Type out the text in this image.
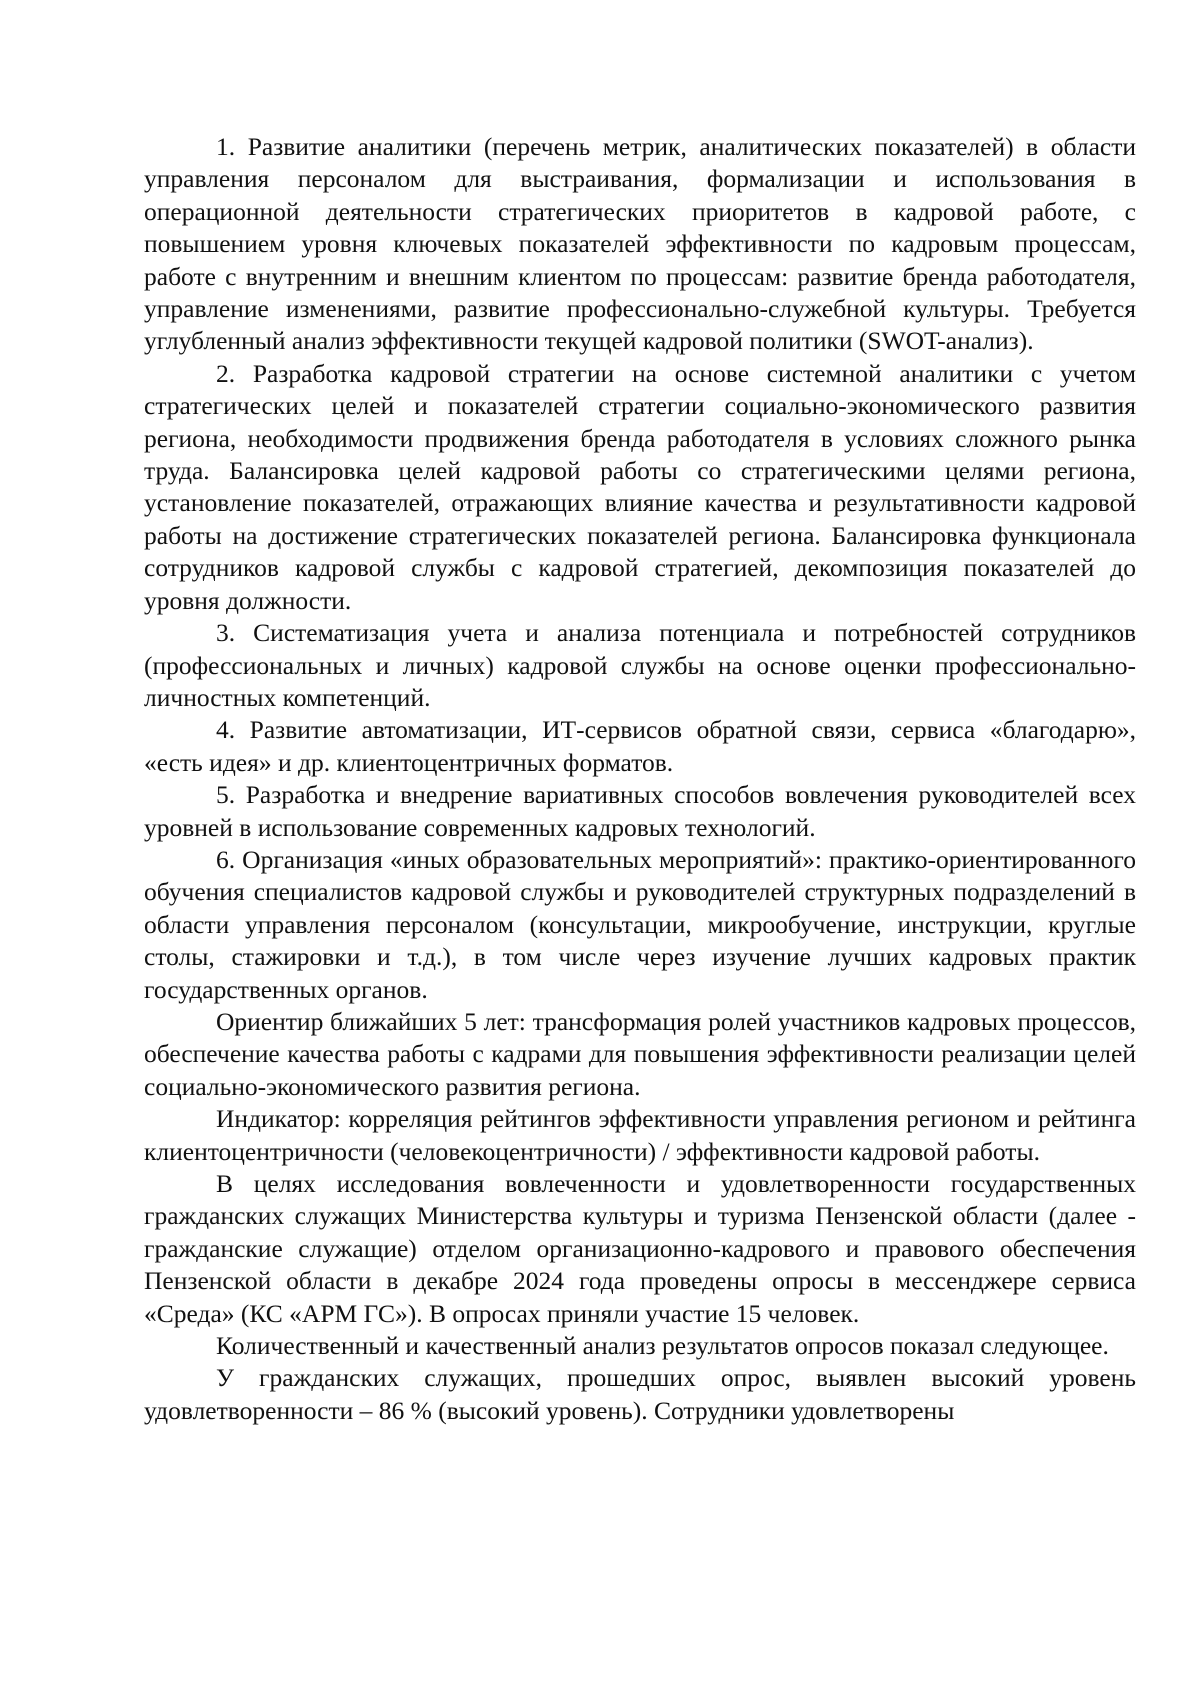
1. Развитие аналитики (перечень метрик, аналитических показателей) в области управления персоналом для выстраивания, формализации и использования в операционной деятельности стратегических приоритетов в кадровой работе, с повышением уровня ключевых показателей эффективности по кадровым процессам, работе с внутренним и внешним клиентом по процессам: развитие бренда работодателя, управление изменениями, развитие профессионально-служебной культуры. Требуется углубленный анализ эффективности текущей кадровой политики (SWOT-анализ).

2. Разработка кадровой стратегии на основе системной аналитики с учетом стратегических целей и показателей стратегии социально-экономического развития региона, необходимости продвижения бренда работодателя в условиях сложного рынка труда. Балансировка целей кадровой работы со стратегическими целями региона, установление показателей, отражающих влияние качества и результативности кадровой работы на достижение стратегических показателей региона. Балансировка функционала сотрудников кадровой службы с кадровой стратегией, декомпозиция показателей до уровня должности.

3. Систематизация учета и анализа потенциала и потребностей сотрудников (профессиональных и личных) кадровой службы на основе оценки профессионально-личностных компетенций.

4. Развитие автоматизации, ИТ-сервисов обратной связи, сервиса «благодарю», «есть идея» и др. клиентоцентричных форматов.

5. Разработка и внедрение вариативных способов вовлечения руководителей всех уровней в использование современных кадровых технологий.

6. Организация «иных образовательных мероприятий»: практико-ориентированного обучения специалистов кадровой службы и руководителей структурных подразделений в области управления персоналом (консультации, микрообучение, инструкции, круглые столы, стажировки и т.д.), в том числе через изучение лучших кадровых практик государственных органов.

Ориентир ближайших 5 лет: трансформация ролей участников кадровых процессов, обеспечение качества работы с кадрами для повышения эффективности реализации целей социально-экономического развития региона.

Индикатор: корреляция рейтингов эффективности управления регионом и рейтинга клиентоцентричности (человекоцентричности) / эффективности кадровой работы.

В целях исследования вовлеченности и удовлетворенности государственных гражданских служащих Министерства культуры и туризма Пензенской области (далее - гражданские служащие) отделом организационно-кадрового и правового обеспечения Пензенской области в декабре 2024 года проведены опросы в мессенджере сервиса «Среда» (КС «АРМ ГС»). В опросах приняли участие 15 человек.

Количественный и качественный анализ результатов опросов показал следующее.

У гражданских служащих, прошедших опрос, выявлен высокий уровень удовлетворенности – 86 % (высокий уровень). Сотрудники удовлетворены
